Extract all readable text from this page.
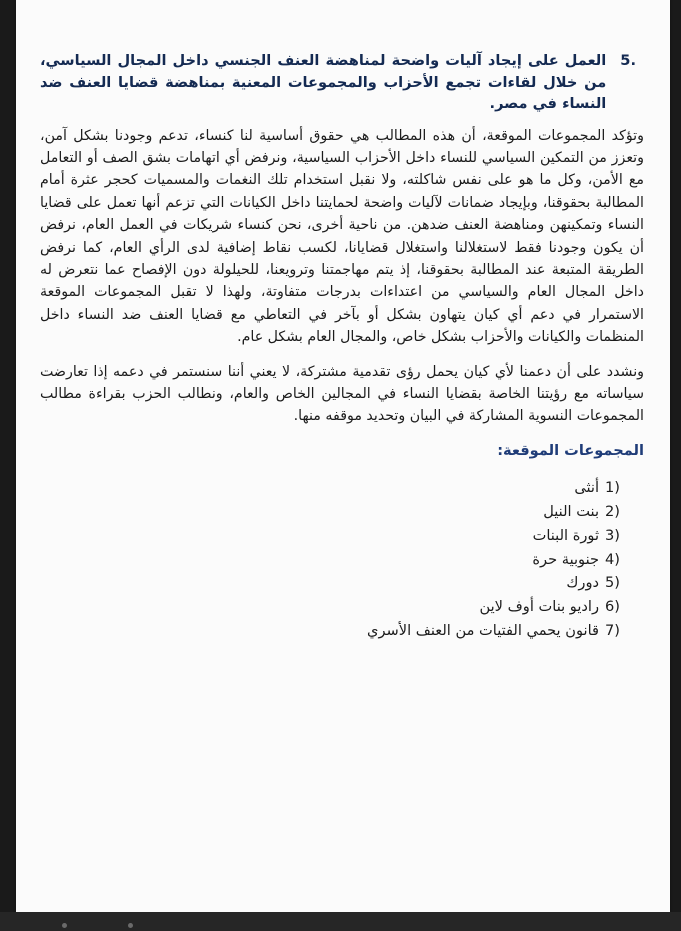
.5
العمل على إيجاد آليات واضحة لمناهضة العنف الجنسي داخل المجال السياسي، من خلال لقاءات تجمع الأحزاب والمجموعات المعنية بمناهضة قضايا العنف ضد النساء في مصر.

وتؤكد المجموعات الموقعة، أن هذه المطالب هي حقوق أساسية لنا كنساء، تدعم وجودنا بشكل آمن، وتعزز من التمكين السياسي للنساء داخل الأحزاب السياسية، ونرفض أي اتهامات بشق الصف أو التعامل مع الأمن، وكل ما هو على نفس شاكلته، ولا نقبل استخدام تلك النغمات والمسميات كحجر عثرة أمام المطالبة بحقوقنا، وبإيجاد ضمانات لآليات واضحة لحمايتنا داخل الكيانات التي تزعم أنها تعمل على قضايا النساء وتمكينهن ومناهضة العنف ضدهن. من ناحية أخرى، نحن كنساء شريكات في العمل العام، نرفض أن يكون وجودنا فقط لاستغلالنا واستغلال قضايانا، لكسب نقاط إضافية لدى الرأي العام، كما نرفض الطريقة المتبعة عند المطالبة بحقوقنا، إذ يتم مهاجمتنا وترويعنا، للحيلولة دون الإفصاح عما نتعرض له داخل المجال العام والسياسي من اعتداءات بدرجات متفاوتة، ولهذا لا تقبل المجموعات الموقعة الاستمرار في دعم أي كيان يتهاون بشكل أو بآخر في التعاطي مع قضايا العنف ضد النساء داخل المنظمات والكيانات والأحزاب بشكل خاص، والمجال العام بشكل عام.

ونشدد على أن دعمنا لأي كيان يحمل رؤى تقدمية مشتركة، لا يعني أننا سنستمر في دعمه إذا تعارضت سياساته مع رؤيتنا الخاصة بقضايا النساء في المجالين الخاص والعام، ونطالب الحزب بقراءة مطالب المجموعات النسوية المشاركة في البيان وتحديد موقفه منها.

المجموعات الموقعة:
1)
أنثى
2)
بنت النيل
3)
ثورة البنات
4)
جنوبية حرة
5)
دورك
6)
راديو بنات أوف لاين
7)
قانون يحمي الفتيات من العنف الأسري
